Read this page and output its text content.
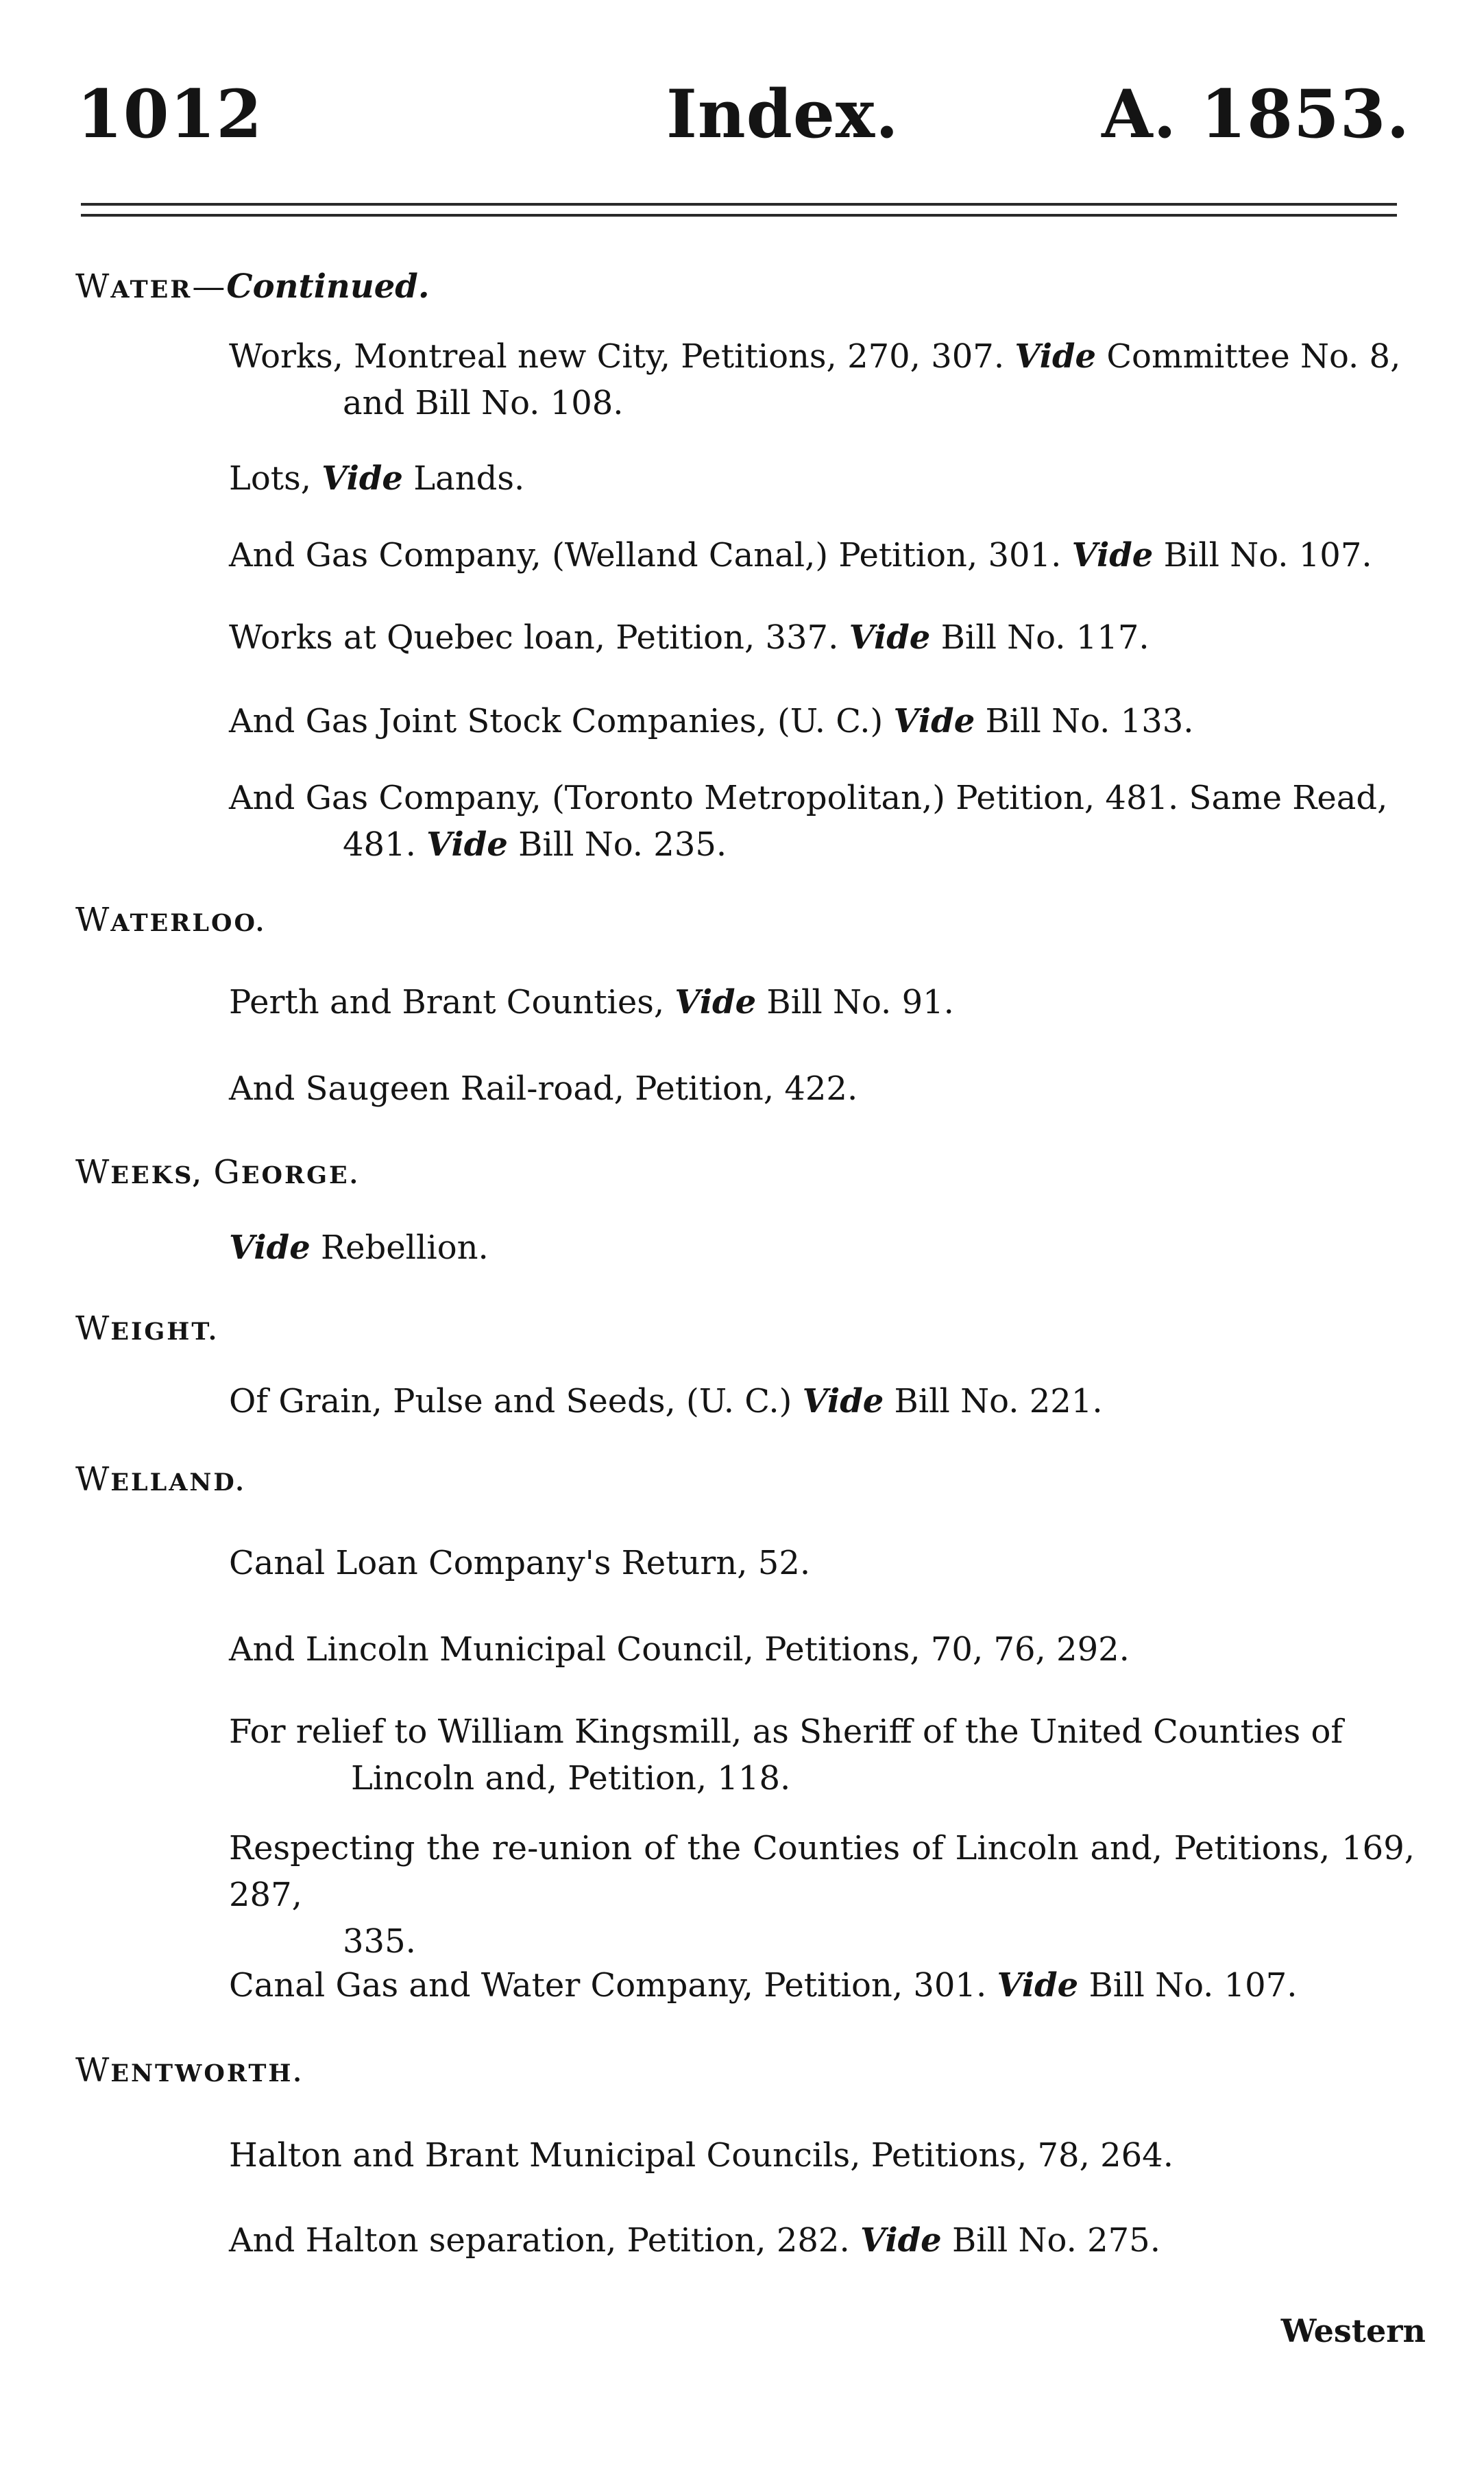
1012	Index.	A. 1853.
WATER—Continued.
Works, Montreal new City, Petitions, 270, 307. Vide Committee No. 8,
and Bill No. 108.
Lots, Vide Lands.
And Gas Company, (Welland Canal,) Petition, 301. Vide Bill No. 107.
Works at Quebec loan, Petition, 337. Vide Bill No. 117.
And Gas Joint Stock Companies, (U. C.) Vide Bill No. 133.
And Gas Company, (Toronto Metropolitan,) Petition, 481. Same Read,
481. Vide Bill No. 235.
WATERLOO.
Perth and Brant Counties, Vide Bill No. 91.
And Saugeen Rail-road, Petition, 422.
WEEKS, GEORGE.
Vide Rebellion.
WEIGHT.
Of Grain, Pulse and Seeds, (U. C.) Vide Bill No. 221.
WELLAND.
Canal Loan Company's Return, 52.
And Lincoln Municipal Council, Petitions, 70, 76, 292.
For relief to William Kingsmill, as Sheriff of the United Counties of
Lincoln and, Petition, 118.
Respecting the re-union of the Counties of Lincoln and, Petitions, 169, 287,
335.
Canal Gas and Water Company, Petition, 301. Vide Bill No. 107.
WENTWORTH.
Halton and Brant Municipal Councils, Petitions, 78, 264.
And Halton separation, Petition, 282. Vide Bill No. 275.
Western
